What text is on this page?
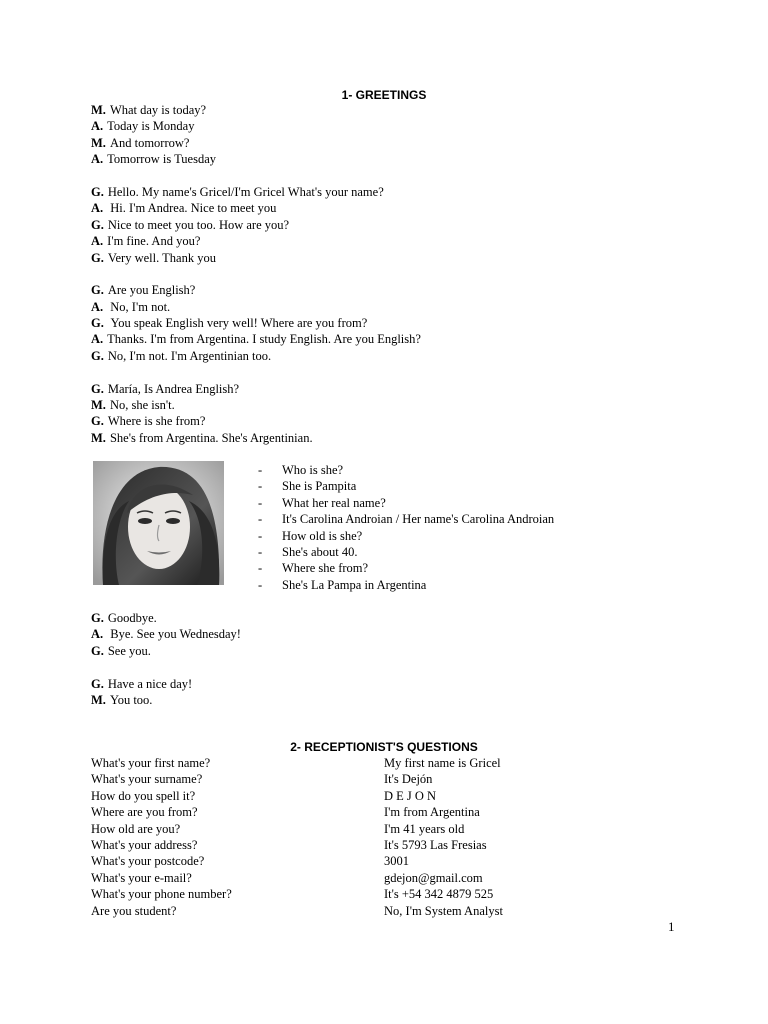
1- GREETINGS
M. What day is today?
A. Today is Monday
M. And tomorrow?
A. Tomorrow is Tuesday
G. Hello. My name's Gricel/I'm Gricel What's your name?
A. Hi. I'm Andrea. Nice to meet you
G. Nice to meet you too. How are you?
A. I'm fine. And you?
G. Very well. Thank you
G. Are you English?
A. No, I'm not.
G. You speak English very well! Where are you from?
A. Thanks. I'm from Argentina. I study English. Are you English?
G. No, I'm not. I'm Argentinian too.
G. María, Is Andrea English?
M. No, she isn't.
G. Where is she from?
M. She's from Argentina. She's Argentinian.
- Who is she?
- She is Pampita
- What her real name?
- It's Carolina Androian / Her name's Carolina Androian
- How old is she?
- She's about 40.
- Where she from?
- She's La Pampa in Argentina
G. Goodbye.
A. Bye. See you Wednesday!
G. See you.
G. Have a nice day!
M. You too.
2- RECEPTIONIST'S QUESTIONS
What's your first name?
What's your surname?
How do you spell it?
Where are you from?
How old are you?
What's your address?
What's your postcode?
What's your e-mail?
What's your phone number?
Are you student?
My first name is Gricel
It's Dejón
D E J O N
I'm from Argentina
I'm 41 years old
It's 5793 Las Fresias
3001
gdejon@gmail.com
It's +54 342 4879 525
No, I'm System Analyst
1
